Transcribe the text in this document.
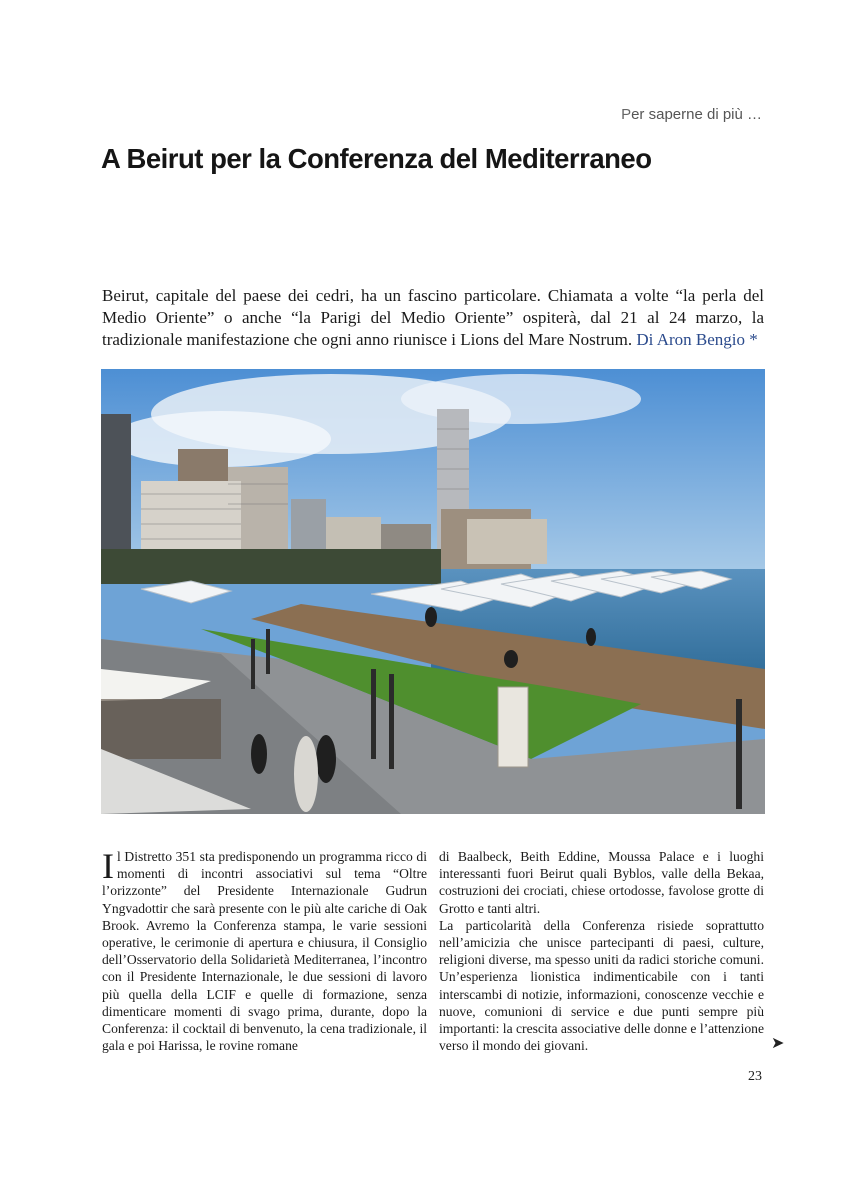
Per saperne di più …
A Beirut per la Conferenza del Mediterraneo

Beirut, capitale del paese dei cedri, ha un fascino particolare. Chiamata a volte “la perla del Medio Oriente” o anche “la Parigi del Medio Oriente” ospiterà, dal 21 al 24 marzo, la tradizionale manifestazione che ogni anno riunisce i Lions del Mare Nostrum. Di Aron Bengio *

Il Distretto 351 sta predisponendo un programma ricco di momenti di incontri associativi sul tema “Oltre l’orizzonte” del Presidente Internazionale Gudrun Yngvadottir che sarà presente con le più alte cariche di Oak Brook. Avremo la Conferenza stampa, le varie sessioni operative, le cerimonie di apertura e chiusura, il Consiglio dell’Osservatorio della Solidarietà Mediterranea, l’incontro con il Presidente Internazionale, le due sessioni di lavoro più quella della LCIF e quelle di formazione, senza dimenticare momenti di svago prima, durante, dopo la Conferenza: il cocktail di benvenuto, la cena tradizionale, il gala e poi Harissa, le rovine romane
di Baalbeck, Beith Eddine, Moussa Palace e i luoghi interessanti fuori Beirut quali Byblos, valle della Bekaa, costruzioni dei crociati, chiese ortodosse, favolose grotte di Grotto e tanti altri.
La particolarità della Conferenza risiede soprattutto nell’amicizia che unisce partecipanti di paesi, culture, religioni diverse, ma spesso uniti da radici storiche comuni. Un’esperienza lionistica indimenticabile con i tanti interscambi di notizie, informazioni, conoscenze vecchie e nuove, comunioni di service e due punti sempre più importanti: la crescita associative delle donne e l’attenzione verso il mondo dei giovani.	➤
23
